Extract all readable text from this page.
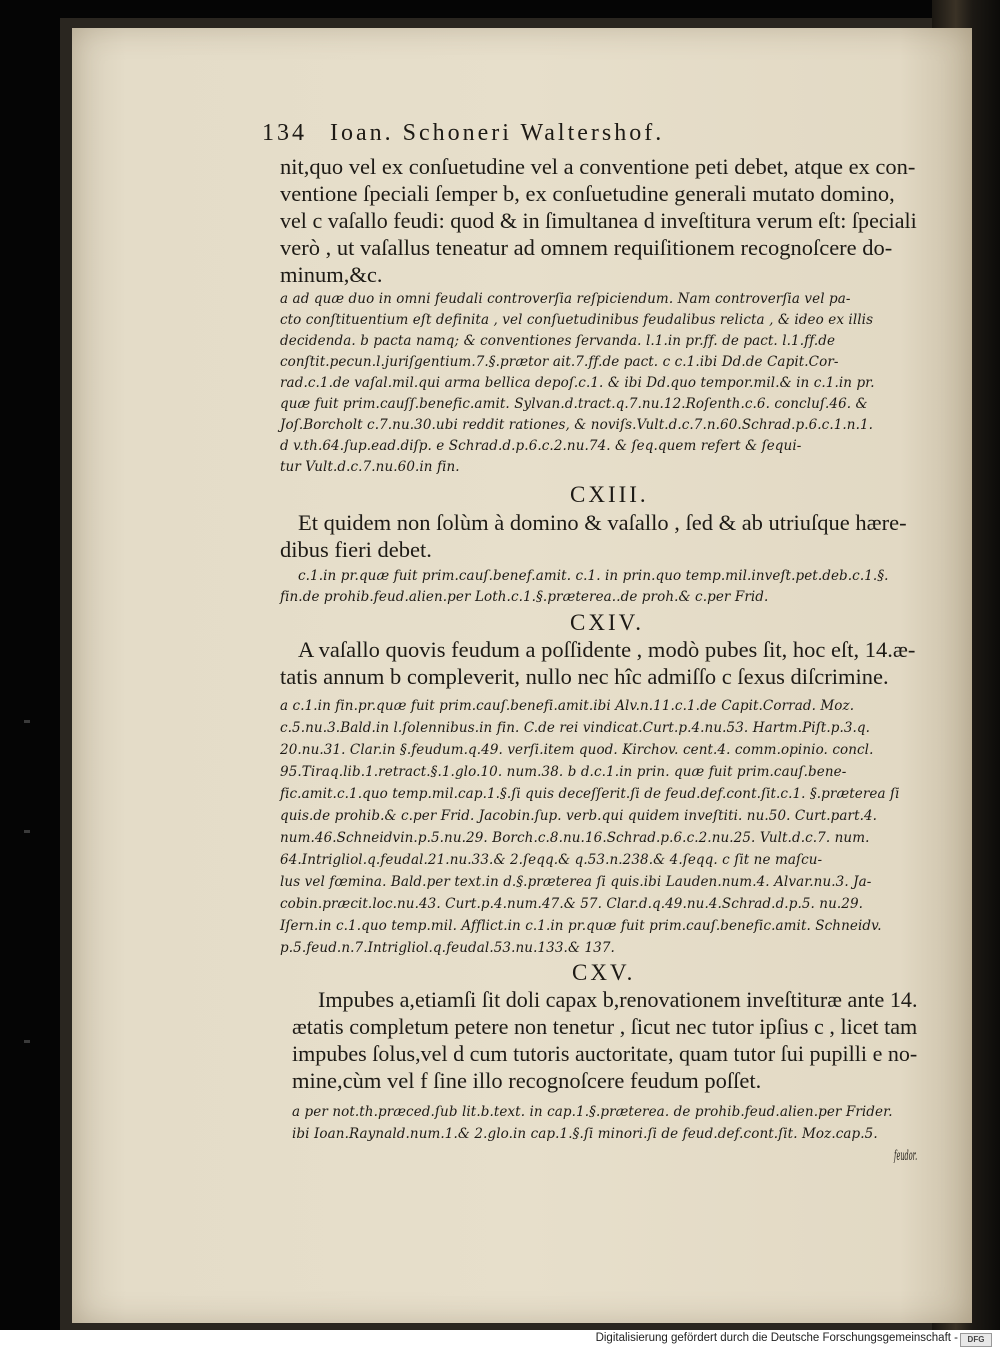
134 Ioan. Schoneri Waltershof.
nit,quo vel ex conſuetudine vel a conventione peti debet, atque ex con-
ventione ſpeciali ſemper b, ex conſuetudine generali mutato domino,
vel c vaſallo feudi: quod & in ſimultanea d inveſtitura verum eſt: ſpeciali
verò , ut vaſallus teneatur ad omnem requiſitionem recognoſcere do-
minum,&c.
a ad quæ duo in omni feudali controverſia reſpiciendum. Nam controverſia vel pa-
cto conſtituentium eſt definita , vel conſuetudinibus feudalibus relicta , & ideo ex illis
decidenda. b pacta namq; & conventiones ſervanda. l.1.in pr.ff. de pact. l.1.ff.de
conſtit.pecun.l.juriſgentium.7.§.prætor ait.7.ff.de pact. c c.1.ibi Dd.de Capit.Cor-
rad.c.1.de vaſal.mil.qui arma bellica depoſ.c.1. & ibi Dd.quo tempor.mil.& in c.1.in pr.
quæ fuit prim.cauſſ.benefic.amit. Sylvan.d.tract.q.7.nu.12.Roſenth.c.6. concluſ.46. &
Joſ.Borcholt c.7.nu.30.ubi reddit rationes, & noviſs.Vult.d.c.7.n.60.Schrad.p.6.c.1.n.1.
d v.th.64.ſup.ead.diſp. e Schrad.d.p.6.c.2.nu.74. & ſeq.quem refert & ſequi-
tur Vult.d.c.7.nu.60.in fin.
CXIII.
Et quidem non ſolùm à domino & vaſallo , ſed & ab utriuſque hære-
dibus fieri debet.
c.1.in pr.quæ fuit prim.cauſ.benef.amit. c.1. in prin.quo temp.mil.inveſt.pet.deb.c.1.§.
fin.de prohib.feud.alien.per Loth.c.1.§.præterea..de proh.& c.per Frid.
CXIV.
A vaſallo quovis feudum a poſſidente , modò pubes ſit, hoc eſt, 14.æ-
tatis annum b compleverit, nullo nec hîc admiſſo c ſexus diſcrimine.
a c.1.in fin.pr.quæ fuit prim.cauſ.benefi.amit.ibi Alv.n.11.c.1.de Capit.Corrad. Moz.
c.5.nu.3.Bald.in l.ſolennibus.in fin. C.de rei vindicat.Curt.p.4.nu.53. Hartm.Piſt.p.3.q.
20.nu.31. Clar.in §.feudum.q.49. verſi.item quod. Kirchov. cent.4. comm.opinio. concl.
95.Tiraq.lib.1.retract.§.1.glo.10. num.38. b d.c.1.in prin. quæ fuit prim.cauſ.bene-
fic.amit.c.1.quo temp.mil.cap.1.§.ſi quis deceſſerit.ſi de feud.def.cont.ſit.c.1. §.præterea ſi
quis.de prohib.& c.per Frid. Jacobin.ſup. verb.qui quidem inveſtiti. nu.50. Curt.part.4.
num.46.Schneidvin.p.5.nu.29. Borch.c.8.nu.16.Schrad.p.6.c.2.nu.25. Vult.d.c.7. num.
64.Intrigliol.q.feudal.21.nu.33.& 2.ſeqq.& q.53.n.238.& 4.ſeqq. c ſit ne maſcu-
lus vel fœmina. Bald.per text.in d.§.præterea ſi quis.ibi Lauden.num.4. Alvar.nu.3. Ja-
cobin.præcit.loc.nu.43. Curt.p.4.num.47.& 57. Clar.d.q.49.nu.4.Schrad.d.p.5. nu.29.
Iſern.in c.1.quo temp.mil. Afflict.in c.1.in pr.quæ fuit prim.cauſ.benefic.amit. Schneidv.
p.5.feud.n.7.Intrigliol.q.feudal.53.nu.133.& 137.
CXV.
Impubes a,etiamſi ſit doli capax b,renovationem inveſtituræ ante 14.
ætatis completum petere non tenetur , ſicut nec tutor ipſius c , licet tam
impubes ſolus,vel d cum tutoris auctoritate, quam tutor ſui pupilli e no-
mine,cùm vel f ſine illo recognoſcere feudum poſſet.
a per not.th.præced.ſub lit.b.text. in cap.1.§.præterea. de prohib.feud.alien.per Frider.
ibi Ioan.Raynald.num.1.& 2.glo.in cap.1.§.ſi minori.ſi de feud.def.cont.ſit. Moz.cap.5.
feudor.
Digitalisierung gefördert durch die Deutsche Forschungsgemeinschaft -	DFG
